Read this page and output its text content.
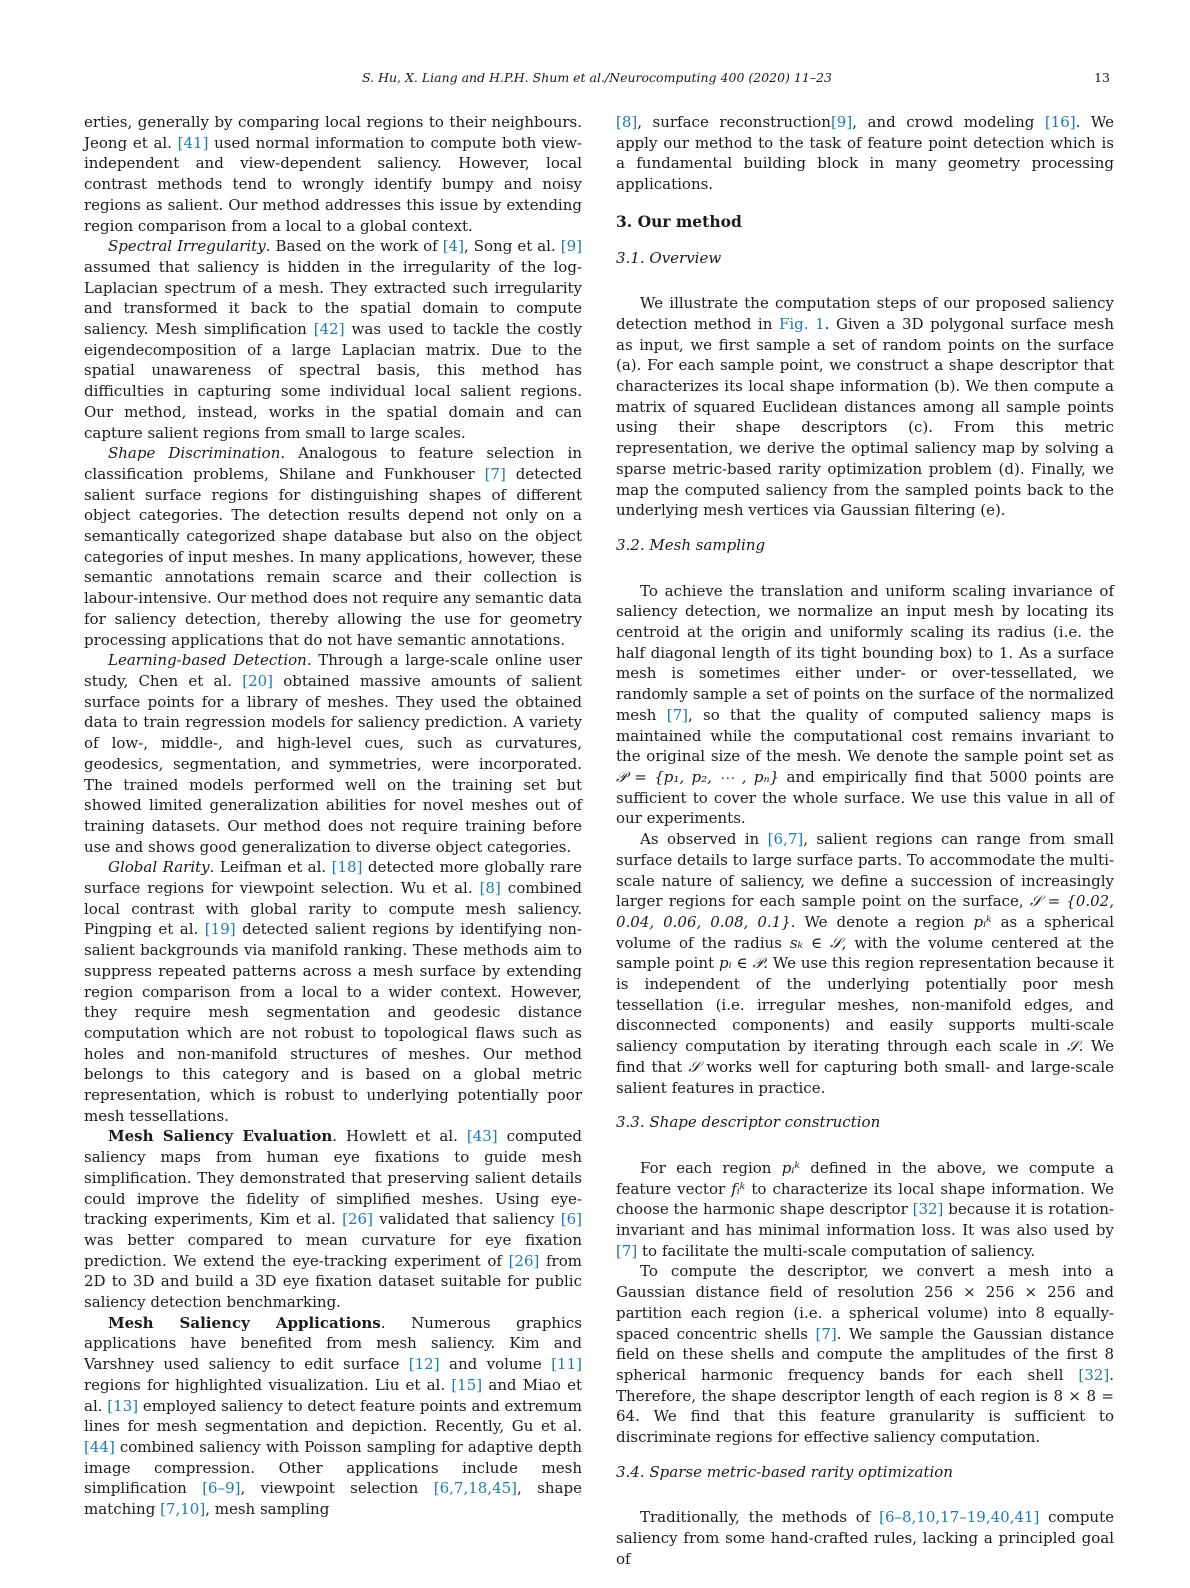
S. Hu, X. Liang and H.P.H. Shum et al./Neurocomputing 400 (2020) 11–23	13

erties, generally by comparing local regions to their neighbours. Jeong et al. [41] used normal information to compute both view-independent and view-dependent saliency. However, local contrast methods tend to wrongly identify bumpy and noisy regions as salient. Our method addresses this issue by extending region comparison from a local to a global context.

Spectral Irregularity. Based on the work of [4], Song et al. [9] assumed that saliency is hidden in the irregularity of the log-Laplacian spectrum of a mesh. They extracted such irregularity and transformed it back to the spatial domain to compute saliency. Mesh simplification [42] was used to tackle the costly eigendecomposition of a large Laplacian matrix. Due to the spatial unawareness of spectral basis, this method has difficulties in capturing some individual local salient regions. Our method, instead, works in the spatial domain and can capture salient regions from small to large scales.

Shape Discrimination. Analogous to feature selection in classification problems, Shilane and Funkhouser [7] detected salient surface regions for distinguishing shapes of different object categories. The detection results depend not only on a semantically categorized shape database but also on the object categories of input meshes. In many applications, however, these semantic annotations remain scarce and their collection is labour-intensive. Our method does not require any semantic data for saliency detection, thereby allowing the use for geometry processing applications that do not have semantic annotations.

Learning-based Detection. Through a large-scale online user study, Chen et al. [20] obtained massive amounts of salient surface points for a library of meshes. They used the obtained data to train regression models for saliency prediction. A variety of low-, middle-, and high-level cues, such as curvatures, geodesics, segmentation, and symmetries, were incorporated. The trained models performed well on the training set but showed limited generalization abilities for novel meshes out of training datasets. Our method does not require training before use and shows good generalization to diverse object categories.

Global Rarity. Leifman et al. [18] detected more globally rare surface regions for viewpoint selection. Wu et al. [8] combined local contrast with global rarity to compute mesh saliency. Pingping et al. [19] detected salient regions by identifying non-salient backgrounds via manifold ranking. These methods aim to suppress repeated patterns across a mesh surface by extending region comparison from a local to a wider context. However, they require mesh segmentation and geodesic distance computation which are not robust to topological flaws such as holes and non-manifold structures of meshes. Our method belongs to this category and is based on a global metric representation, which is robust to underlying potentially poor mesh tessellations.

Mesh Saliency Evaluation. Howlett et al. [43] computed saliency maps from human eye fixations to guide mesh simplification. They demonstrated that preserving salient details could improve the fidelity of simplified meshes. Using eye-tracking experiments, Kim et al. [26] validated that saliency [6] was better compared to mean curvature for eye fixation prediction. We extend the eye-tracking experiment of [26] from 2D to 3D and build a 3D eye fixation dataset suitable for public saliency detection benchmarking.

Mesh Saliency Applications. Numerous graphics applications have benefited from mesh saliency. Kim and Varshney used saliency to edit surface [12] and volume [11] regions for highlighted visualization. Liu et al. [15] and Miao et al. [13] employed saliency to detect feature points and extremum lines for mesh segmentation and depiction. Recently, Gu et al. [44] combined saliency with Poisson sampling for adaptive depth image compression. Other applications include mesh simplification [6–9], viewpoint selection [6,7,18,45], shape matching [7,10], mesh sampling

[8], surface reconstruction[9], and crowd modeling [16]. We apply our method to the task of feature point detection which is a fundamental building block in many geometry processing applications.

3. Our method
3.1. Overview

We illustrate the computation steps of our proposed saliency detection method in Fig. 1. Given a 3D polygonal surface mesh as input, we first sample a set of random points on the surface (a). For each sample point, we construct a shape descriptor that characterizes its local shape information (b). We then compute a matrix of squared Euclidean distances among all sample points using their shape descriptors (c). From this metric representation, we derive the optimal saliency map by solving a sparse metric-based rarity optimization problem (d). Finally, we map the computed saliency from the sampled points back to the underlying mesh vertices via Gaussian filtering (e).

3.2. Mesh sampling

To achieve the translation and uniform scaling invariance of saliency detection, we normalize an input mesh by locating its centroid at the origin and uniformly scaling its radius (i.e. the half diagonal length of its tight bounding box) to 1. As a surface mesh is sometimes either under- or over-tessellated, we randomly sample a set of points on the surface of the normalized mesh [7], so that the quality of computed saliency maps is maintained while the computational cost remains invariant to the original size of the mesh. We denote the sample point set as 𝒫 = {p₁, p₂, ⋯ , pₙ} and empirically find that 5000 points are sufficient to cover the whole surface. We use this value in all of our experiments.

As observed in [6,7], salient regions can range from small surface details to large surface parts. To accommodate the multi-scale nature of saliency, we define a succession of increasingly larger regions for each sample point on the surface, 𝒮 = {0.02, 0.04, 0.06, 0.08, 0.1}. We denote a region pᵢᵏ as a spherical volume of the radius sₖ ∈ 𝒮, with the volume centered at the sample point pᵢ ∈ 𝒫. We use this region representation because it is independent of the underlying potentially poor mesh tessellation (i.e. irregular meshes, non-manifold edges, and disconnected components) and easily supports multi-scale saliency computation by iterating through each scale in 𝒮. We find that 𝒮 works well for capturing both small- and large-scale salient features in practice.

3.3. Shape descriptor construction

For each region pᵢᵏ defined in the above, we compute a feature vector fᵢᵏ to characterize its local shape information. We choose the harmonic shape descriptor [32] because it is rotation-invariant and has minimal information loss. It was also used by [7] to facilitate the multi-scale computation of saliency.

To compute the descriptor, we convert a mesh into a Gaussian distance field of resolution 256 × 256 × 256 and partition each region (i.e. a spherical volume) into 8 equally-spaced concentric shells [7]. We sample the Gaussian distance field on these shells and compute the amplitudes of the first 8 spherical harmonic frequency bands for each shell [32]. Therefore, the shape descriptor length of each region is 8 × 8 = 64. We find that this feature granularity is sufficient to discriminate regions for effective saliency computation.

3.4. Sparse metric-based rarity optimization

Traditionally, the methods of [6–8,10,17–19,40,41] compute saliency from some hand-crafted rules, lacking a principled goal of
